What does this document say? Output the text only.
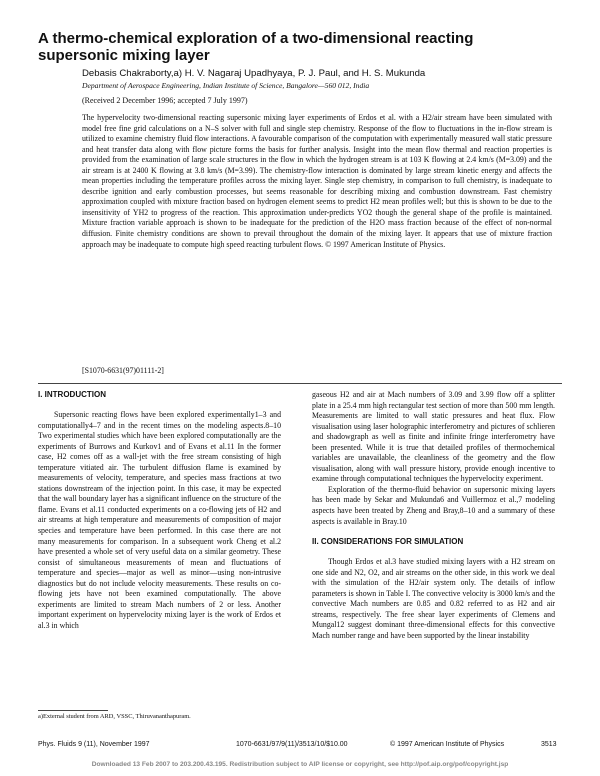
A thermo-chemical exploration of a two-dimensional reacting supersonic mixing layer
Debasis Chakraborty,a) H. V. Nagaraj Upadhyaya, P. J. Paul, and H. S. Mukunda
Department of Aerospace Engineering, Indian Institute of Science, Bangalore—560 012, India
(Received 2 December 1996; accepted 7 July 1997)
The hypervelocity two-dimensional reacting supersonic mixing layer experiments of Erdos et al. with a H2/air stream have been simulated with model free fine grid calculations on a N–S solver with full and single step chemistry. Response of the flow to fluctuations in the in-flow stream is utilized to examine chemistry fluid flow interactions. A favourable comparison of the computation with experimentally measured wall static pressure and heat transfer data along with flow picture forms the basis for further analysis. Insight into the mean flow thermal and reaction properties is provided from the examination of large scale structures in the flow in which the hydrogen stream is at 103 K flowing at 2.4 km/s (M=3.09) and the air stream is at 2400 K flowing at 3.8 km/s (M=3.99). The chemistry-flow interaction is dominated by large stream kinetic energy and affects the mean properties including the temperature profiles across the mixing layer. Single step chemistry, in comparison to full chemistry, is inadequate to describe ignition and early combustion processes, but seems reasonable for describing mixing and combustion downstream. Fast chemistry approximation coupled with mixture fraction based on hydrogen element seems to predict H2 mean profiles well; but this is shown to be due to the insensitivity of YH2 to progress of the reaction. This approximation under-predicts YO2 though the general shape of the profile is maintained. Mixture fraction variable approach is shown to be inadequate for the prediction of the H2O mass fraction because of the effect of non-normal diffusion. Finite chemistry conditions are shown to prevail throughout the domain of the mixing layer. It appears that use of mixture fraction approach may be inadequate to compute high speed reacting turbulent flows. © 1997 American Institute of Physics.
[S1070-6631(97)01111-2]
I. INTRODUCTION

Supersonic reacting flows have been explored experimentally1–3 and computationally4–7 and in the recent times on the modeling aspects.8–10 Two experimental studies which have been explored computationally are the experiments of Burrows and Kurkov1 and of Evans et al.11 In the former case, H2 comes off as a wall-jet with the free stream consisting of high temperature vitiated air. The turbulent diffusion flame is examined by measurements of velocity, temperature, and species mass fractions at two stations downstream of the injection point. In this case, it may be expected that the wall boundary layer has a significant influence on the structure of the flame. Evans et al.11 conducted experiments on a co-flowing jets of H2 and air streams at high temperature and measurements of composition of major species and temperature have been performed. In this case there are not many measurements for comparison. In a subsequent work Cheng et al.2 have presented a whole set of very useful data on a similar geometry. These consist of simultaneous measurements of mean and fluctuations of temperature and species—major as well as minor—using non-intrusive diagnostics but do not include velocity measurements. These results on co-flowing jets have not been examined computationally. The above experiments are limited to stream Mach numbers of 2 or less. Another important experiment on hypervelocity mixing layer is the work of Erdos et al.3 in which

gaseous H2 and air at Mach numbers of 3.09 and 3.99 flow off a splitter plate in a 25.4 mm high rectangular test section of more than 500 mm length. Measurements are limited to wall static pressures and heat flux. Flow visualisation using laser holographic interferometry and pictures of schlieren and shadowgraph as well as finite and infinite fringe interferometry have been presented. While it is true that detailed profiles of thermochemical variables are unavailable, the cleanliness of the geometry and the flow visualisation, along with wall pressure history, provide enough incentive to examine through computational techniques the hypervelocity experiment.

Exploration of the thermo-fluid behavior on supersonic mixing layers has been made by Sekar and Mukunda6 and Vuillermoz et al.,7 modeling aspects have been treated by Zheng and Bray,8–10 and a summary of these aspects is available in Bray.10

II. CONSIDERATIONS FOR SIMULATION

Though Erdos et al.3 have studied mixing layers with a H2 stream on one side and N2, O2, and air streams on the other side, in this work we deal with the simulation of the H2/air system only. The details of inflow parameters is shown in Table I. The convective velocity is 3000 km/s and the convective Mach numbers are 0.85 and 0.82 referred to as H2 and air streams, respectively. The free shear layer experiments of Clemens and Mungal12 suggest dominant three-dimensional effects for this convective Mach number range and have been supported by the linear instability

a)External student from ARD, VSSC, Thiruvananthapuram.
Phys. Fluids 9 (11), November 1997	1070-6631/97/9(11)/3513/10/$10.00	© 1997 American Institute of Physics	3513
Downloaded 13 Feb 2007 to 203.200.43.195. Redistribution subject to AIP license or copyright, see http://pof.aip.org/pof/copyright.jsp
